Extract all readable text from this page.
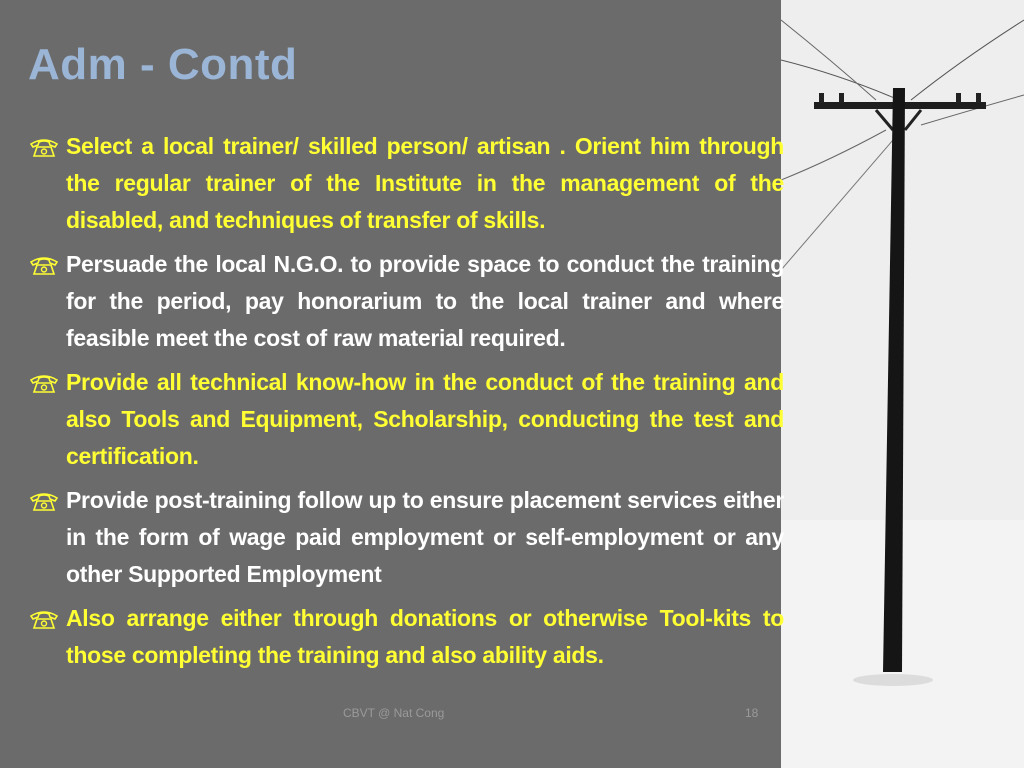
Adm - Contd
Select a local trainer/ skilled person/ artisan . Orient him through the regular trainer of the Institute in the management of the disabled, and techniques of transfer of skills.
Persuade the local N.G.O. to provide space to conduct the training for the period, pay honorarium to the local trainer and where feasible meet the cost of raw material required.
Provide all technical know-how in the conduct of the training and also Tools and Equipment, Scholarship, conducting the test and certification.
Provide post-training follow up to ensure placement services either in the form of wage paid employment or self-employment or any other Supported Employment
Also arrange either through donations or otherwise Tool-kits to those completing the training and also ability aids.
CBVT @ Nat Cong	18
